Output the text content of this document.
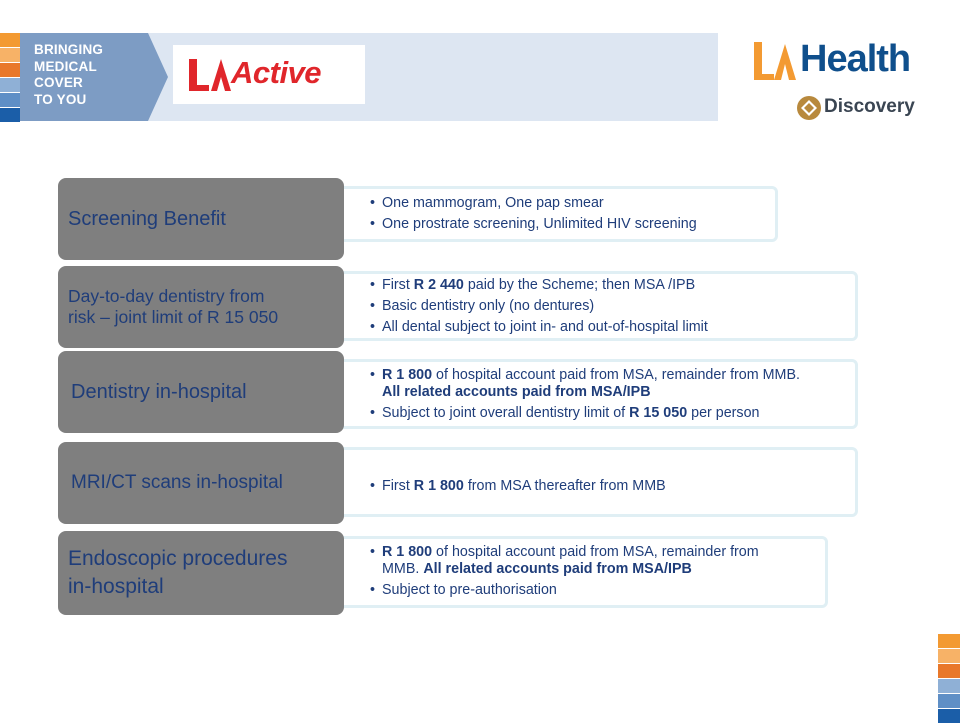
BRINGING
MEDICAL
COVER
TO YOU
Active	Health
Discovery
Screening Benefit
• One mammogram, One pap smear
• One prostrate screening, Unlimited HIV screening
Day-to-day dentistry from
risk – joint limit of R 15 050
• First R 2 440 paid by the Scheme; then MSA /IPB
• Basic dentistry only (no dentures)
• All dental subject to joint in- and out-of-hospital limit
Dentistry in-hospital
• R 1 800 of hospital account paid from MSA, remainder from MMB. All related accounts paid from MSA/IPB
• Subject to joint overall dentistry limit of R 15 050 per person
MRI/CT scans in-hospital
•	First R 1 800 from MSA thereafter from MMB
Endoscopic procedures
in-hospital
• R 1 800 of hospital account paid from MSA, remainder from MMB. All related accounts paid from MSA/IPB
• Subject to pre-authorisation
